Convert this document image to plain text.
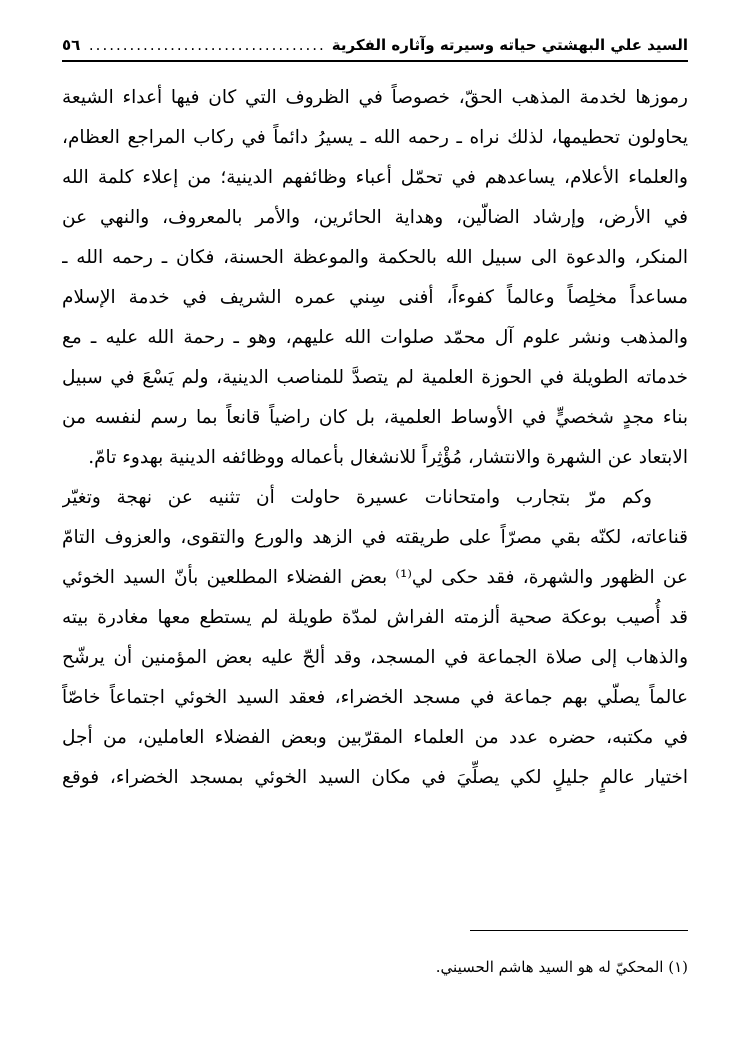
السيد علي البهشتي حياته وسيرته وآثاره الفكرية
.....
٥٦
رموزها لخدمة المذهب الحقّ، خصوصاً في الظروف التي كان فيها أعداء الشيعة
يحاولون تحطيمها، لذلك نراه ـ رحمه الله ـ يسيرُ دائماً في ركاب المراجع العظام،
والعلماء الأعلام، يساعدهم في تحمّل أعباء وظائفهم الدينية؛ من إعلاء كلمة الله
في الأرض، وإرشاد الضالّين، وهداية الحائرين، والأمر بالمعروف، والنهي عن
المنكر، والدعوة الى سبيل الله بالحكمة والموعظة الحسنة، فكان ـ رحمه الله ـ
مساعداً مخلِصاً وعالماً كفوءاً، أفنى سِني عمره الشريف في خدمة الإسلام
والمذهب ونشر علوم آل محمّد صلوات الله عليهم، وهو ـ رحمة الله عليه ـ مع
خدماته الطويلة في الحوزة العلمية لم يتصدَّ للمناصب الدينية، ولم يَسْعَ في سبيل
بناء مجدٍ شخصيٍّ في الأوساط العلمية، بل كان راضياً قانعاً بما رسم لنفسه من
الابتعاد عن الشهرة والانتشار، مُؤْثِراً للانشغال بأعماله ووظائفه الدينية بهدوء تامّ.
وكم مرّ بتجارب وامتحانات عسيرة حاولت أن تثنيه عن نهجة وتغيّر
قناعاته، لكنّه بقي مصرّاً على طريقته في الزهد والورع والتقوى، والعزوف التامّ
عن الظهور والشهرة، فقد حكى لي⁽¹⁾ بعض الفضلاء المطلعين بأنّ السيد الخوئي
قد أُصيب بوعكة صحية ألزمته الفراش لمدّة طويلة لم يستطع معها مغادرة بيته
والذهاب إلى صلاة الجماعة في المسجد، وقد ألحّ عليه بعض المؤمنين أن يرشّح
عالماً يصلّي بهم جماعة في مسجد الخضراء، فعقد السيد الخوئي اجتماعاً خاصّاً
في مكتبه، حضره عدد من العلماء المقرّبين وبعض الفضلاء العاملين، من أجل
اختيار عالمٍ جليلٍ لكي يصلِّيَ في مكان السيد الخوئي بمسجد الخضراء، فوقع
(١) المحكيّ له هو السيد هاشم الحسيني.
